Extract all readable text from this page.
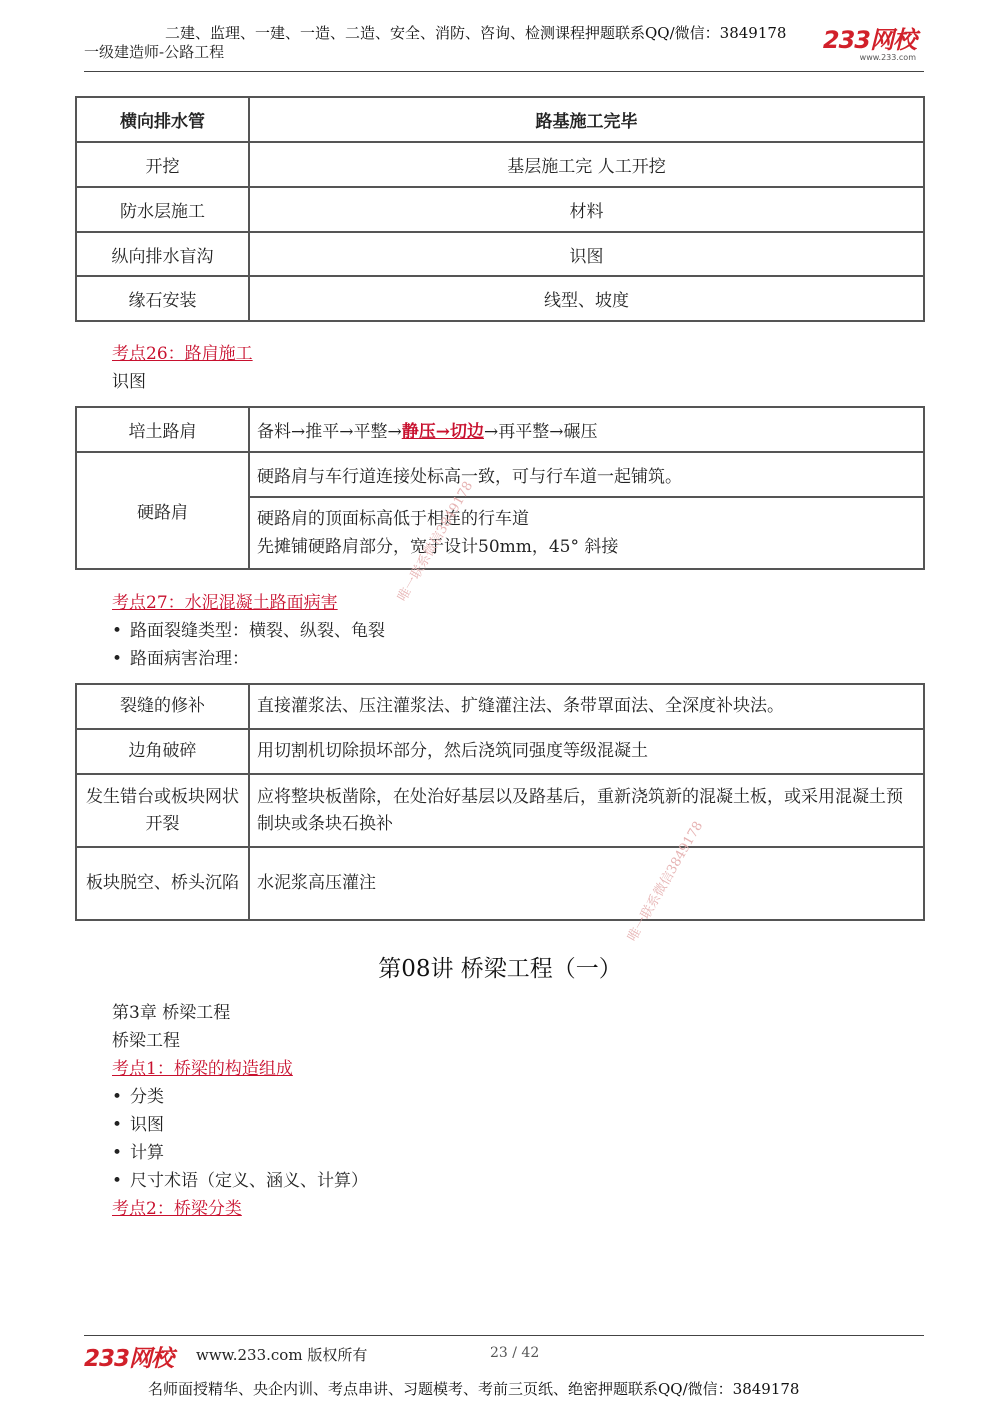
二建、监理、一建、一造、二造、安全、消防、咨询、检测课程押题联系QQ/微信：3849178
一级建造师-公路工程	233网校
www.233.com
横向排水管	路基施工完毕
开挖	基层施工完 人工开挖
防水层施工	材料
纵向排水盲沟	识图
缘石安装	线型、坡度
考点26：路肩施工
识图
培土路肩	备料→推平→平整→静压→切边→再平整→碾压
硬路肩	硬路肩与车行道连接处标高一致，可与行车道一起铺筑。

	硬路肩的顶面标高低于相连的行车道
先摊铺硬路肩部分，宽于设计50mm，45° 斜接
考点27：水泥混凝土路面病害
• 路面裂缝类型：横裂、纵裂、龟裂
• 路面病害治理：
裂缝的修补	直接灌浆法、压注灌浆法、扩缝灌注法、条带罩面法、全深度补块法。
边角破碎	用切割机切除损坏部分，然后浇筑同强度等级混凝土
发生错台或板块网状开裂	应将整块板凿除，在处治好基层以及路基后，重新浇筑新的混凝土板，或采用混凝土预制块或条块石换补
板块脱空、桥头沉陷	水泥浆高压灌注
第08讲 桥梁工程（一）
第3章 桥梁工程
桥梁工程
考点1：桥梁的构造组成
• 分类
• 识图
• 计算
• 尺寸术语（定义、涵义、计算）
考点2：桥梁分类
唯一联系微信3849178
唯一联系微信3849178
233网校 www.233.com 版权所有	23 / 42
名师面授精华、央企内训、考点串讲、习题模考、考前三页纸、绝密押题联系QQ/微信：3849178
